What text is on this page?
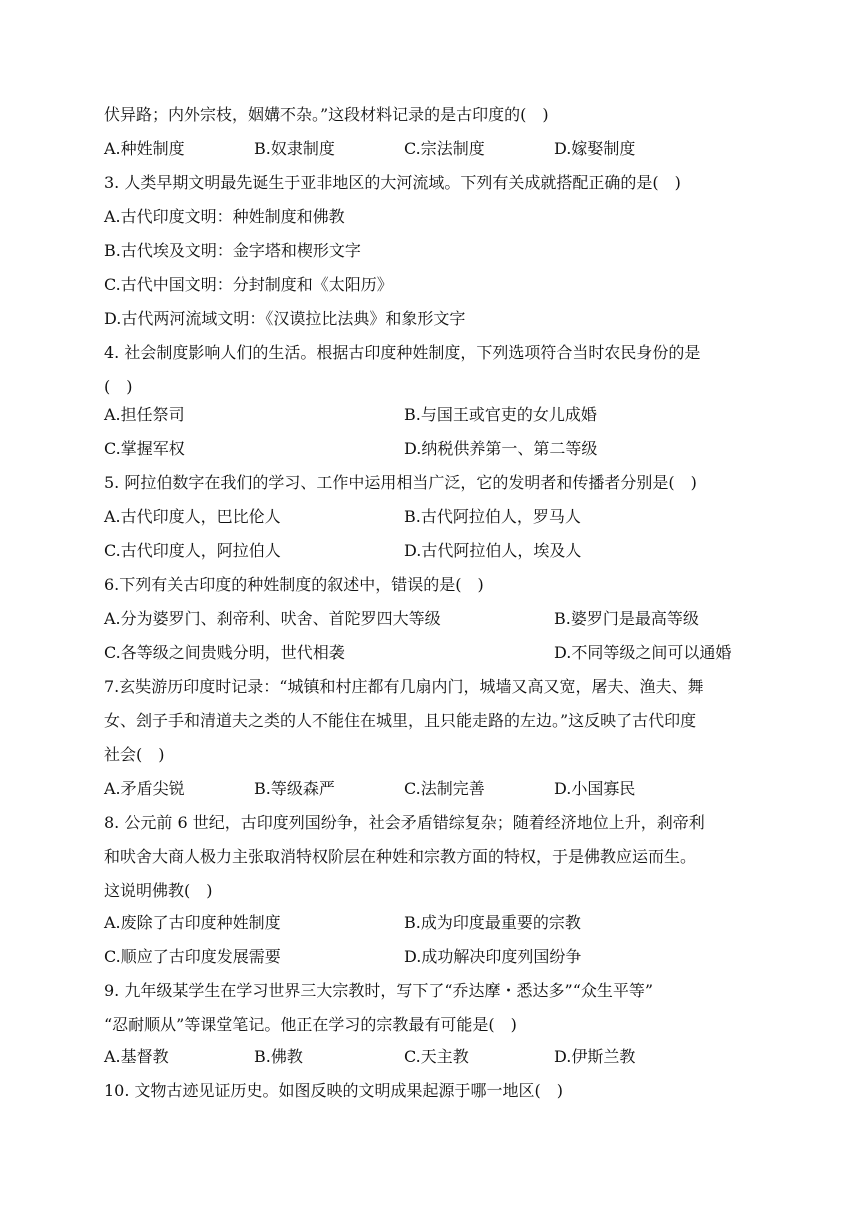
伏异路；内外宗枝，姻媾不杂。”这段材料记录的是古印度的(　)
A.种姓制度	B.奴隶制度	C.宗法制度	D.嫁娶制度
3. 人类早期文明最先诞生于亚非地区的大河流域。下列有关成就搭配正确的是(　)
A.古代印度文明：种姓制度和佛教
B.古代埃及文明：金字塔和楔形文字
C.古代中国文明：分封制度和《太阳历》
D.古代两河流域文明：《汉谟拉比法典》和象形文字
4. 社会制度影响人们的生活。根据古印度种姓制度，下列选项符合当时农民身份的是
(　)
A.担任祭司	B.与国王或官吏的女儿成婚
C.掌握军权	D.纳税供养第一、第二等级
5. 阿拉伯数字在我们的学习、工作中运用相当广泛，它的发明者和传播者分别是(　)
A.古代印度人，巴比伦人	B.古代阿拉伯人，罗马人
C.古代印度人，阿拉伯人	D.古代阿拉伯人，埃及人
6.下列有关古印度的种姓制度的叙述中，错误的是(　)
A.分为婆罗门、刹帝利、吠舍、首陀罗四大等级	B.婆罗门是最高等级
C.各等级之间贵贱分明，世代相袭	D.不同等级之间可以通婚
7.玄奘游历印度时记录：“城镇和村庄都有几扇内门，城墙又高又宽，屠夫、渔夫、舞
女、刽子手和清道夫之类的人不能住在城里，且只能走路的左边。”这反映了古代印度
社会(　)
A.矛盾尖锐	B.等级森严	C.法制完善	D.小国寡民
8. 公元前 6 世纪，古印度列国纷争，社会矛盾错综复杂；随着经济地位上升，刹帝利
和吠舍大商人极力主张取消特权阶层在种姓和宗教方面的特权，于是佛教应运而生。
这说明佛教(　)
A.废除了古印度种姓制度	B.成为印度最重要的宗教
C.顺应了古印度发展需要	D.成功解决印度列国纷争
9. 九年级某学生在学习世界三大宗教时，写下了“乔达摩・悉达多”“众生平等”
“忍耐顺从”等课堂笔记。他正在学习的宗教最有可能是(　)
A.基督教	B.佛教	C.天主教	D.伊斯兰教
10. 文物古迹见证历史。如图反映的文明成果起源于哪一地区(　)
